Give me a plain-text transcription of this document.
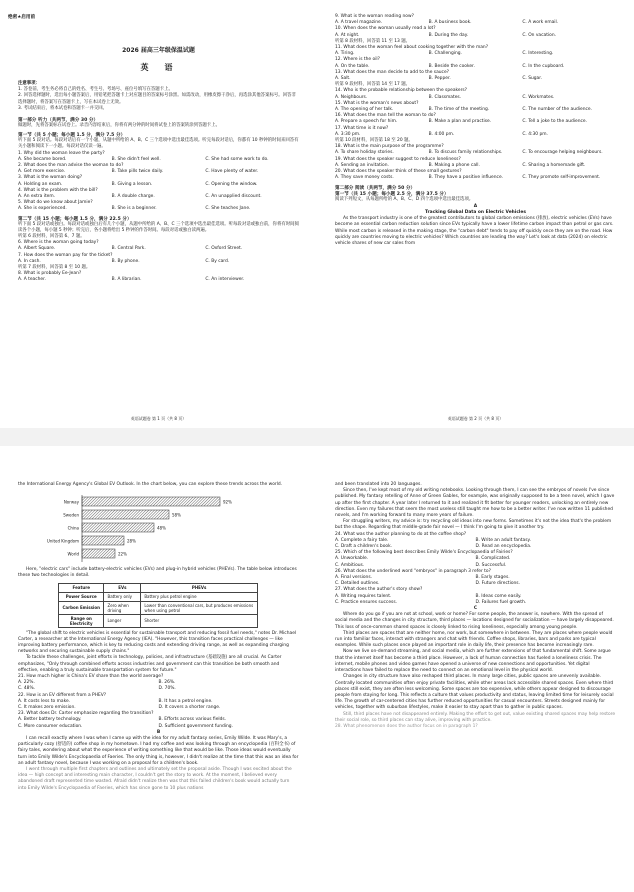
绝密★启用前
2026 届高三年级保温试题
英　语
注意事项：
1. 答卷前，考生务必将自己的姓名、考生号、考场号、座位号填写在答题卡上。
2. 回答选择题时，选出每小题答案后，用铅笔把答题卡上对应题目的答案标号涂黑。如需改动，用橡皮擦干净后，再选涂其他答案标号。回答非选择题时，将答案写在答题卡上，写在本试卷上无效。
3. 考试结束后，将本试卷和答题卡一并交回。
第一部分 听力（共两节，满分 30 分）
做题时，先将答案标在试卷上。录音内容结束后，你将有两分钟的时间将试卷上的答案转涂到答题卡上。
第一节（共 5 小题；每小题 1.5 分，满分 7.5 分）
听下面 5 段对话。每段对话后有一个小题，从题中所给的 A、B、C 三个选项中选出最佳选项。听完每段对话后，你都有 10 秒钟的时间来回答有关小题和阅读下一小题。每段对话仅读一遍。
1. Why did the woman leave the party?
A. She became bored.	B. She didn't feel well.	C. She had some work to do.
2. What does the man advise the woman to do?
A. Get more exercise.	B. Take pills twice daily.	C. Have plenty of water.
3. What is the woman doing?
A. Holding an exam.	B. Giving a lesson.	C. Opening the window.
4. What is the problem with the bill?
A. An extra item.	B. A double charge.	C. An unapplied discount.
5. What do we know about Jamie?
A. She is experienced.	B. She is a beginner.	C. She teaches Jane.
第二节（共 15 小题；每小题 1.5 分，满分 22.5 分）
听下面 5 段对话或独白。每段对话或独白后有几个小题，从题中所给的 A、B、C 三个选项中选出最佳选项。听每段对话或独白前，你将有时间阅读各个小题，每小题 5 秒钟；听完后，各小题将给出 5 秒钟的作答时间。每段对话或独白读两遍。
听第 6 段材料，回答第 6、7 题。
6. Where is the woman going today?
A. Albert Square.	B. Central Park.	C. Oxford Street.
7. How does the woman pay for the ticket?
A. In cash.	B. By phone.	C. By card.
听第 7 段材料，回答第 8 至 10 题。
8. What is probably Ee-Jean?
A. A teacher.	B. A librarian.	C. An interviewer.
英语试题卷 第 1 页（共 8 页）
9. What is the woman reading now?
A. A travel magazine.	B. A business book.	C. A work email.
10. When does the woman usually read a lot?
A. At night.	B. During the day.	C. On vacation.
听第 8 段材料，回答第 11 至 13 题。
11. What does the woman feel about cooking together with the man?
A. Tiring.	B. Challenging.	C. Interesting.
12. Where is the oil?
A. On the table.	B. Beside the cooker.	C. In the cupboard.
13. What does the man decide to add to the sauce?
A. Salt.	B. Pepper.	C. Sugar.
听第 9 段材料，回答第 14 至 17 题。
14. Who is the probable relationship between the speakers?
A. Neighbours.	B. Classmates.	C. Workmates.
15. What is the woman's news about?
A. The opening of her talk.	B. The time of the meeting.	C. The number of the audience.
16. What does the man tell the woman to do?
A. Prepare a speech for him.	B. Make a plan and practise.	C. Tell a joke to the audience.
17. What time is it now?
A. 3:30 pm.	B. 4:00 pm.	C. 4:30 pm.
听第 10 段材料，回答第 18 至 20 题。
18. What is the main purpose of the programme?
A. To share holiday stories.	B. To discuss family relationships.	C. To encourage helping neighbours.
19. What does the speaker suggest to reduce loneliness?
A. Sending an invitation.	B. Making a phone call.	C. Sharing a homemade gift.
20. What does the speaker think of these small gestures?
A. They save money costs.	B. They have a positive influence.	C. They promote self-improvement.
第二部分 阅读（共两节，满分 50 分）
第一节（共 15 小题；每小题 2.5 分，满分 37.5 分）
阅读下列短文，从每题所给的 A、B、C、D 四个选项中选出最佳选项。
A
Tracking Global Data on Electric Vehicles
As the transport industry is one of the greatest contributors to global carbon emissions (排放), electric vehicles (EVs) have become an essential carbon reduction solution since EVs typically have a lower lifetime carbon impact than petrol or gas cars. While most carbon is released in the making stage, the "carbon debt" tends to pay off quickly once they are on the road. How quickly are countries moving to electric vehicles? Which countries are leading the way? Let's look at data (2024) on electric vehicle shares of new car sales from
英语试题卷 第 2 页（共 8 页）
the International Energy Agency's Global EV Outlook. In the chart below, you can explore these trends across the world.
Norway	92%
Sweden	58%
China	48%
United Kingdom	28%
World	22%
Here, "electric cars" include battery-electric vehicles (EVs) and plug-in hybrid vehicles (PHEVs). The table below introduces these two technologies in detail.
Feature	EVs	PHEVs
Power Source	Battery only	Battery plus petrol engine
Carbon Emission	Zero when driving	Lower than conventional cars, but produces emissions when using petrol
Range on Electricity	Longer	Shorter
"The global shift to electric vehicles is essential for sustainable transport and reducing fossil fuel needs," notes Dr. Michael Carter, a researcher at the International Energy Agency (IEA). "However, this transition faces practical challenges — like improving battery performance, which is key to reducing costs and extending driving range, as well as expanding charging networks and securing sustainable supply chains."
To tackle these challenges, joint efforts in technology, policies, and infrastructure (基础设施) are all crucial. As Carter emphasizes, "Only through combined efforts across industries and government can this transition be both smooth and effective, enabling a truly sustainable transportation system for future."
21. How much higher is China's EV share than the world average?
A. 22%.	B. 26%.
C. 48%.	D. 70%.
22. How is an EV different from a PHEV?
A. It costs less to make.	B. It has a petrol engine.
C. It makes zero emission.	D. It covers a shorter range.
23. What does Dr. Carter emphasize regarding the transition?
A. Better battery technology.	B. Efforts across various fields.
C. More consumer education.	D. Sufficient government funding.
B
I can recall exactly where I was when I came up with the idea for my adult fantasy series, Emily Wilde. It was Mary's, a particularly cozy (舒适的) coffee shop in my hometown. I had my coffee and was looking through an encyclopedia (百科全书) of fairy tales, wondering about what the experience of writing something like that would be like. Those ideas would eventually turn into Emily Wilde's Encyclopaedia of Faeries. The only thing is, however, I didn't realize at the time that this was an idea for an adult fantasy novel, because I was working on a proposal for a children's book.
I went through multiple first chapters and outlines and ultimately set the proposal aside. Though I was excited about the idea — high concept and interesting main character, I couldn't get the story to work. At the moment, I believed every abandoned draft represented time wasted. Afraid didn't realize then was that this failed children's book would actually turn into Emily Wilde's Encyclopaedia of Faeries, which has since gone to 10 plus nations
and been translated into 20 languages.
Since then, I've kept most of my old writing notebooks. Looking through them, I can see the embryos of novels I've since published. My fantasy retelling of Anne of Green Gables, for example, was originally supposed to be a teen novel, which I gave up after the first chapter. A year later I returned to it and realized it fit better for younger readers, unlocking an entirely new direction. Even my failures that seem the most useless still taught me how to be a better writer. I've now written 11 published novels, and I'm working forward to many more years of failure.
For struggling writers, my advice is: try recycling old ideas into new forms. Sometimes it's not the idea that's the problem but the shape. Regarding that middle-grade fair novel — I think I'm going to give it another try.
24. What was the author planning to do at the coffee shop?
A. Complete a fairy tale.	B. Write an adult fantasy.
C. Draft a children's book.	D. Read an encyclopedia.
25. Which of the following best describes Emily Wilde's Encyclopaedia of Fairies?
A. Unworkable.	B. Complicated.
C. Ambitious.	D. Successful.
26. What does the underlined word "embryos" in paragraph 3 refer to?
A. Final versions.	B. Early stages.
C. Detailed outlines.	D. Future directions.
27. What does the author's story show?
A. Writing requires talent.	B. Ideas come easily.
C. Practice ensures success.	D. Failures fuel growth.
C
Where do you go if you are not at school, work or home? For some people, the answer is, nowhere. With the spread of social media and the changes in city structure, third places — locations designed for socialization — have largely disappeared. This loss of once-common shared spaces is closely linked to rising loneliness, especially among young people.
Third places are spaces that are neither home, nor work, but somewhere in between. They are places where people would run into familiar faces, interact with strangers and chat with friends. Coffee shops, libraries, bars and parks are typical examples. While such places once played an important role in daily life, their presence has become increasingly rare.
Now we live on-demand streaming, and social media, which are further extensions of that fundamental shift. Some argue that the internet itself has become a third place. However, a lack of human connection has fueled a loneliness crisis. The internet, mobile phones and video games have opened a universe of new connections and opportunities. Yet digital interactions have failed to replace the need to connect on an emotional level in the physical world.
Changes in city structure have also reshaped third places. In many large cities, public spaces are unevenly available. Centrally located communities often enjoy private facilities, while other areas lack accessible shared spaces. Even where third places still exist, they are often less welcoming. Some spaces are too expensive, while others appear designed to discourage people from staying for long. This reflects a culture that values productivity and status, leaving limited time for leisurely social life. The growth of car-centered cities has further reduced opportunities for casual encounters. Streets designed mainly for vehicles, together with suburban lifestyles, make it easier to stay apart than to gather in public spaces.
Still, third places have not disappeared entirely. Making the effort to get out, value existing shared spaces may help restore their social role, so third places can stay alive, improving with practice.
28. What phenomenon does the author focus on in paragraph 1?
